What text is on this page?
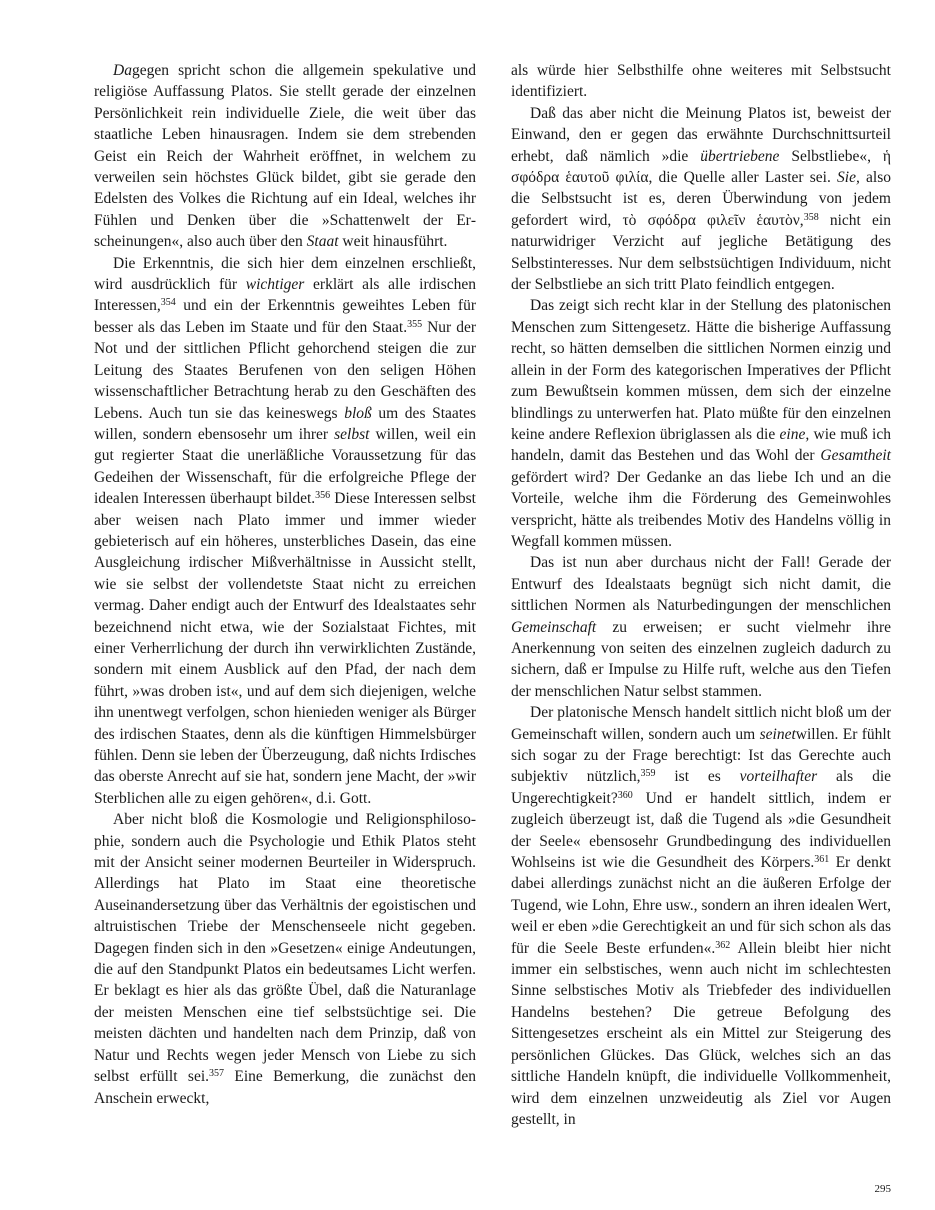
Dagegen spricht schon die allgemein spekulative und religiöse Auffassung Platos. Sie stellt gerade der einzelnen Persönlichkeit rein individuelle Ziele, die weit über das staatliche Leben hinausragen. Indem sie dem strebenden Geist ein Reich der Wahrheit eröffnet, in welchem zu verweilen sein höchstes Glück bildet, gibt sie gerade den Edelsten des Volkes die Richtung auf ein Ideal, welches ihr Fühlen und Denken über die »Schattenwelt der Erscheinungen«, also auch über den Staat weit hinausführt.

Die Erkenntnis, die sich hier dem einzelnen erschließt, wird ausdrücklich für wichtiger erklärt als alle irdischen Interessen,$^{354}$ und ein der Erkenntnis geweihtes Leben für besser als das Leben im Staate und für den Staat.$^{355}$ Nur der Not und der sittlichen Pflicht gehorchend steigen die zur Leitung des Staates Berufenen von den seligen Höhen wissenschaftlicher Betrachtung herab zu den Geschäften des Lebens. Auch tun sie das keineswegs bloß um des Staates willen, sondern ebensosehr um ihrer selbst willen, weil ein gut regierter Staat die unerläßliche Voraussetzung für das Gedeihen der Wissenschaft, für die erfolgreiche Pflege der idealen Interessen überhaupt bildet.$^{356}$ Diese Interessen selbst aber weisen nach Plato immer und immer wieder gebieterisch auf ein höheres, unsterbliches Dasein, das eine Ausgleichung irdischer Mißverhältnisse in Aussicht stellt, wie sie selbst der vollendetste Staat nicht zu erreichen vermag. Daher endigt auch der Entwurf des Idealstaates sehr bezeichnend nicht etwa, wie der Sozialstaat Fichtes, mit einer Verherrlichung der durch ihn verwirklichten Zustände, sondern mit einem Ausblick auf den Pfad, der nach dem führt, »was droben ist«, und auf dem sich diejenigen, welche ihn unentwegt verfolgen, schon hienieden weniger als Bürger des irdischen Staates, denn als die künftigen Himmelsbürger fühlen. Denn sie leben der Überzeugung, daß nichts Irdisches das oberste Anrecht auf sie hat, sondern jene Macht, der »wir Sterblichen alle zu eigen gehören«, d.i. Gott.

Aber nicht bloß die Kosmologie und Religionsphilosophie, sondern auch die Psychologie und Ethik Platos steht mit der Ansicht seiner modernen Beurteiler in Widerspruch. Allerdings hat Plato im Staat eine theoretische Auseinandersetzung über das Verhältnis der egoistischen und altruistischen Triebe der Menschenseele nicht gegeben. Dagegen finden sich in den »Gesetzen« einige Andeutungen, die auf den Standpunkt Platos ein bedeutsames Licht werfen. Er beklagt es hier als das größte Übel, daß die Naturanlage der meisten Menschen eine tief selbstsüchtige sei. Die meisten dächten und handelten nach dem Prinzip, daß von Natur und Rechts wegen jeder Mensch von Liebe zu sich selbst erfüllt sei.$^{357}$ Eine Bemerkung, die zunächst den Anschein erweckt,

als würde hier Selbsthilfe ohne weiteres mit Selbstsucht identifiziert.

Daß das aber nicht die Meinung Platos ist, beweist der Einwand, den er gegen das erwähnte Durchschnittsurteil erhebt, daß nämlich »die übertriebene Selbstliebe«, ἡ σφόδρα ἑαυτοῦ φιλία, die Quelle aller Laster sei. Sie, also die Selbstsucht ist es, deren Überwindung von jedem gefordert wird, τὸ σφόδρα φιλεῖν ἑαυτὸν,$^{358}$ nicht ein naturwidriger Verzicht auf jegliche Betätigung des Selbstinteresses. Nur dem selbstsüchtigen Individuum, nicht der Selbstliebe an sich tritt Plato feindlich entgegen.

Das zeigt sich recht klar in der Stellung des platonischen Menschen zum Sittengesetz. Hätte die bisherige Auffassung recht, so hätten demselben die sittlichen Normen einzig und allein in der Form des kategorischen Imperatives der Pflicht zum Bewußtsein kommen müssen, dem sich der einzelne blindlings zu unterwerfen hat. Plato müßte für den einzelnen keine andere Reflexion übriglassen als die eine, wie muß ich handeln, damit das Bestehen und das Wohl der Gesamtheit gefördert wird? Der Gedanke an das liebe Ich und an die Vorteile, welche ihm die Förderung des Gemeinwohles verspricht, hätte als treibendes Motiv des Handelns völlig in Wegfall kommen müssen.

Das ist nun aber durchaus nicht der Fall! Gerade der Entwurf des Idealstaats begnügt sich nicht damit, die sittlichen Normen als Naturbedingungen der menschlichen Gemeinschaft zu erweisen; er sucht vielmehr ihre Anerkennung von seiten des einzelnen zugleich dadurch zu sichern, daß er Impulse zu Hilfe ruft, welche aus den Tiefen der menschlichen Natur selbst stammen.

Der platonische Mensch handelt sittlich nicht bloß um der Gemeinschaft willen, sondern auch um seinetwillen. Er fühlt sich sogar zu der Frage berechtigt: Ist das Gerechte auch subjektiv nützlich,$^{359}$ ist es vorteilhafter als die Ungerechtigkeit?$^{360}$ Und er handelt sittlich, indem er zugleich überzeugt ist, daß die Tugend als »die Gesundheit der Seele« ebensosehr Grundbedingung des individuellen Wohlseins ist wie die Gesundheit des Körpers.$^{361}$ Er denkt dabei allerdings zunächst nicht an die äußeren Erfolge der Tugend, wie Lohn, Ehre usw., sondern an ihren idealen Wert, weil er eben »die Gerechtigkeit an und für sich schon als das für die Seele Beste erfunden«.$^{362}$ Allein bleibt hier nicht immer ein selbstisches, wenn auch nicht im schlechtesten Sinne selbstisches Motiv als Triebfeder des individuellen Handelns bestehen? Die getreue Befolgung des Sittengesetzes erscheint als ein Mittel zur Steigerung des persönlichen Glückes. Das Glück, welches sich an das sittliche Handeln knüpft, die individuelle Vollkommenheit, wird dem einzelnen unzweideutig als Ziel vor Augen gestellt, in

295
